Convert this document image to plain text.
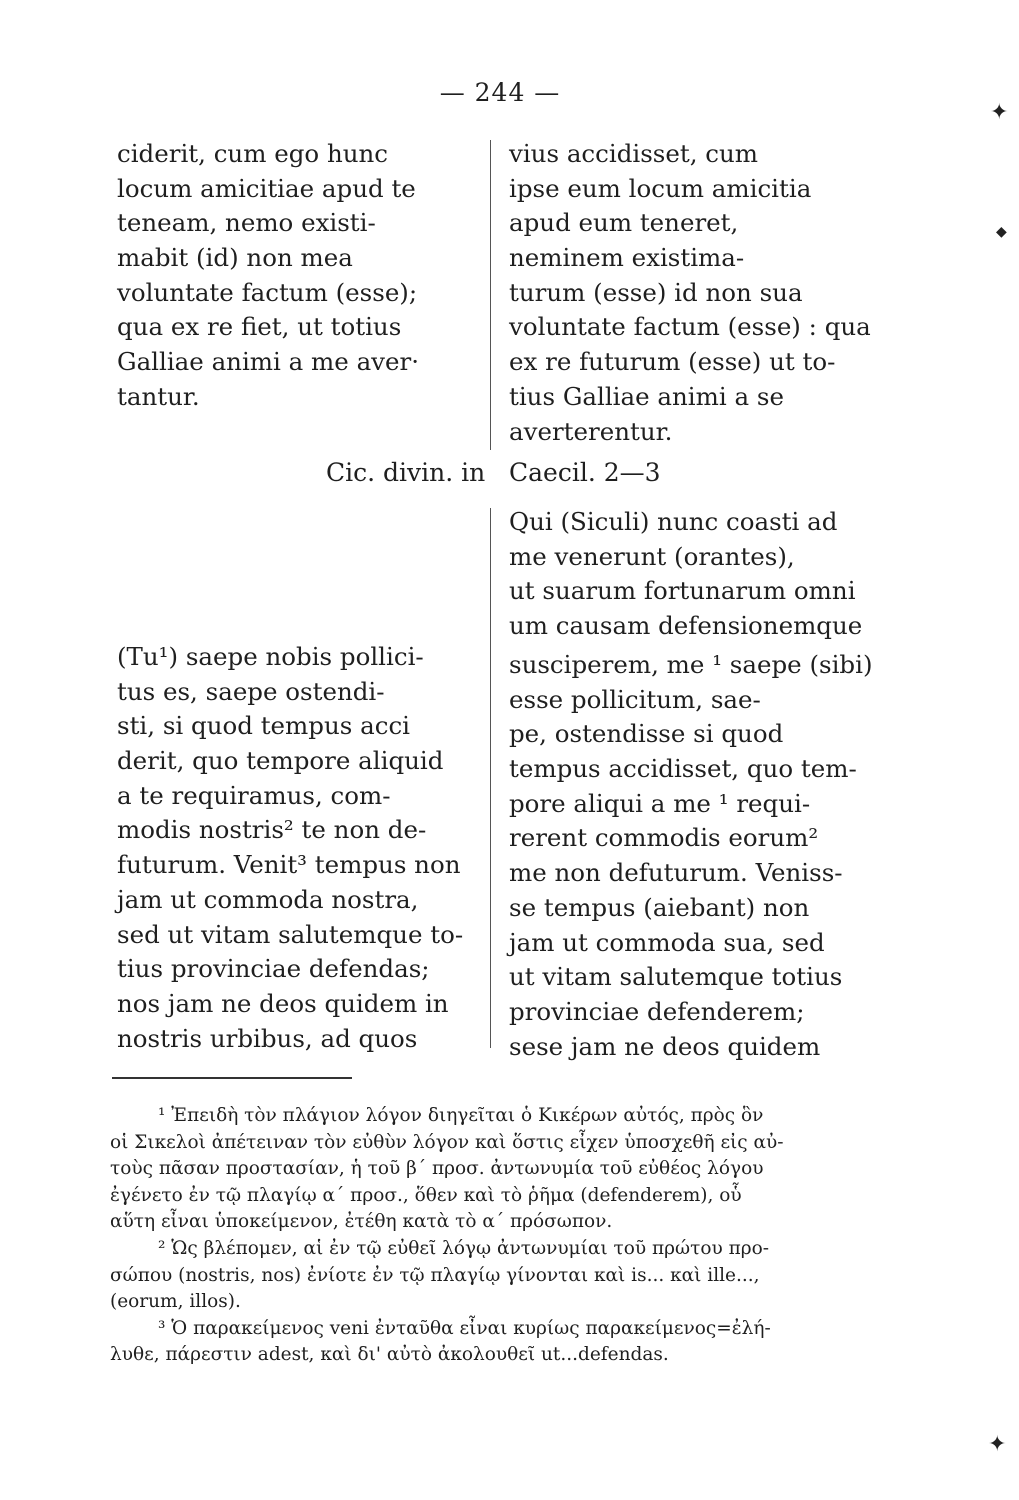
— 244 —
ciderit, cum ego hunc
locum amicitiae apud te
teneam, nemo existi-
mabit (id) non mea
voluntate factum (esse);
qua ex re fiet, ut totius
Galliae animi a me aver·
tantur.
vius accidisset, cum
ipse eum locum amicitia
apud eum teneret,
neminem existima-
turum (esse) id non sua
voluntate factum (esse) : qua
ex re futurum (esse) ut to-
tius Galliae animi a se
averterentur.
Cic. divin. in Caecil. 2—3
Qui (Siculi) nunc coasti ad
me venerunt (orantes),
ut suarum fortunarum omni
um causam defensionemque
(Tu¹) saepe nobis pollici-
tus es, saepe ostendi-
sti, si quod tempus acci
derit, quo tempore aliquid
a te requiramus, com-
modis nostris² te non de-
futurum. Venit³ tempus non
jam ut commoda nostra,
sed ut vitam salutemque to-
tius provinciae defendas;
nos jam ne deos quidem in
nostris urbibus, ad quos
susciperem, me ¹ saepe (sibi)
esse pollicitum, sae-
pe, ostendisse si quod
tempus accidisset, quo tem-
pore aliqui a me ¹ requi-
rerent commodis eorum²
me non defuturum. Veniss-
se tempus (aiebant) non
jam ut commoda sua, sed
ut vitam salutemque totius
provinciae defenderem;
sese jam ne deos quidem
¹ Ἐπειδὴ τὸν πλάγιον λόγον διηγεῖται ὁ Κικέρων αὐτός, πρὸς ὃν
οἱ Σικελοὶ ἀπέτειναν τὸν εὐθὺν λόγον καὶ ὅστις εἶχεν ὑποσχεθῆ εἰς αὐ-
τοὺς πᾶσαν προστασίαν, ἡ τοῦ β΄ προσ. ἀντωνυμία τοῦ εὐθέος λόγου
ἐγένετο ἐν τῷ πλαγίῳ α΄ προσ., ὅθεν καὶ τὸ ῥῆμα (defenderem), οὗ
αὕτη εἶναι ὑποκείμενον, ἐτέθη κατὰ τὸ α΄ πρόσωπον.
² Ὡς βλέπομεν, αἱ ἐν τῷ εὐθεῖ λόγῳ ἀντωνυμίαι τοῦ πρώτου προ-
σώπου (nostris, nos) ἐνίοτε ἐν τῷ πλαγίῳ γίνονται καὶ is... καὶ ille...,
(eorum, illos).
³ Ὁ παρακείμενος veni ἐνταῦθα εἶναι κυρίως παρακείμενος=ἐλή-
λυθε, πάρεστιν adest, καὶ δι' αὐτὸ ἀκολουθεῖ ut...defendas.
✦
◆
✦
